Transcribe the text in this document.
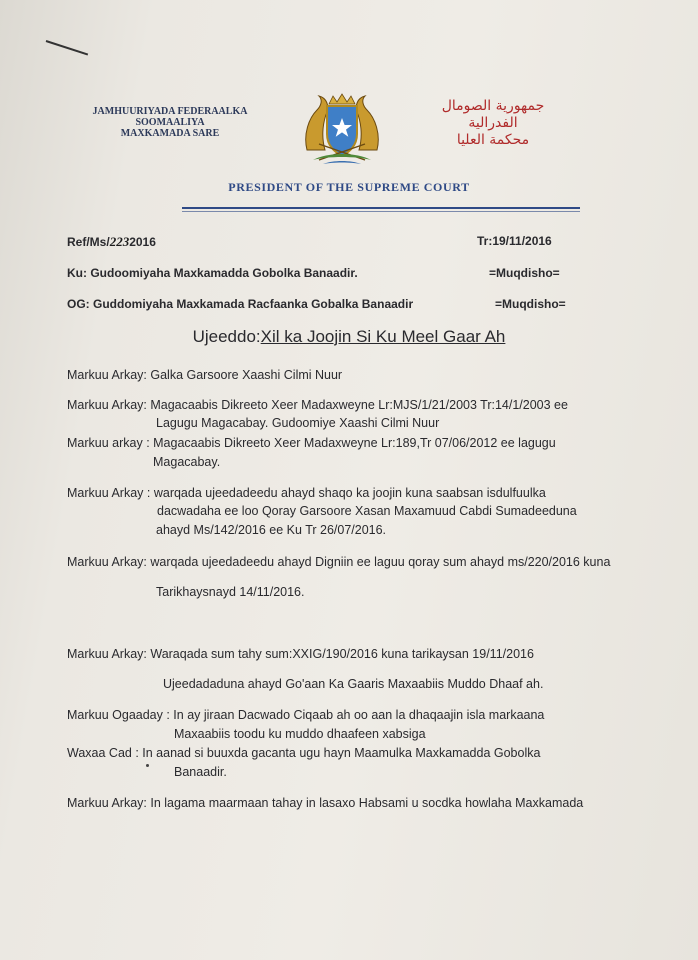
JAMHUURIYADA FEDERAALKA
SOOMAALIYA
MAXKAMADA SARE
جمهورية الصومال
الفدرالية
محكمة العليا
PRESIDENT OF THE SUPREME COURT
Ref/Ms/2232016	Tr:19/11/2016
Ku: Gudoomiyaha Maxkamadda Gobolka Banaadir.	=Muqdisho=
OG: Guddomiyaha Maxkamada Racfaanka Gobalka Banaadir	=Muqdisho=
Ujeeddo:Xil ka Joojin Si Ku Meel Gaar Ah
Markuu Arkay: Galka Garsoore Xaashi Cilmi Nuur
Markuu Arkay: Magacaabis Dikreeto Xeer Madaxweyne Lr:MJS/1/21/2003 Tr:14/1/2003 ee
Lagugu Magacabay. Gudoomiye Xaashi Cilmi Nuur
Markuu arkay : Magacaabis Dikreeto Xeer Madaxweyne Lr:189,Tr 07/06/2012 ee lagugu
Magacabay.
Markuu Arkay : warqada ujeedadeedu ahayd shaqo ka joojin kuna saabsan isdulfuulka
dacwadaha ee loo Qoray Garsoore Xasan Maxamuud Cabdi Sumadeeduna
ahayd Ms/142/2016 ee Ku Tr 26/07/2016.
Markuu Arkay: warqada ujeedadeedu ahayd Digniin ee laguu qoray sum ahayd ms/220/2016 kuna
Tarikhaysnayd 14/11/2016.
Markuu Arkay: Waraqada sum tahy sum:XXIG/190/2016 kuna tarikaysan 19/11/2016
Ujeedadaduna ahayd Go'aan Ka Gaaris Maxaabiis Muddo Dhaaf ah.
Markuu Ogaaday : In ay jiraan Dacwado Ciqaab ah oo aan la dhaqaajin isla markaana
Maxaabiis toodu ku muddo dhaafeen xabsiga
Waxaa Cad : In aanad si buuxda gacanta ugu hayn Maamulka Maxkamadda Gobolka
Banaadir.
Markuu Arkay: In lagama maarmaan tahay in lasaxo Habsami u socdka howlaha Maxkamada
